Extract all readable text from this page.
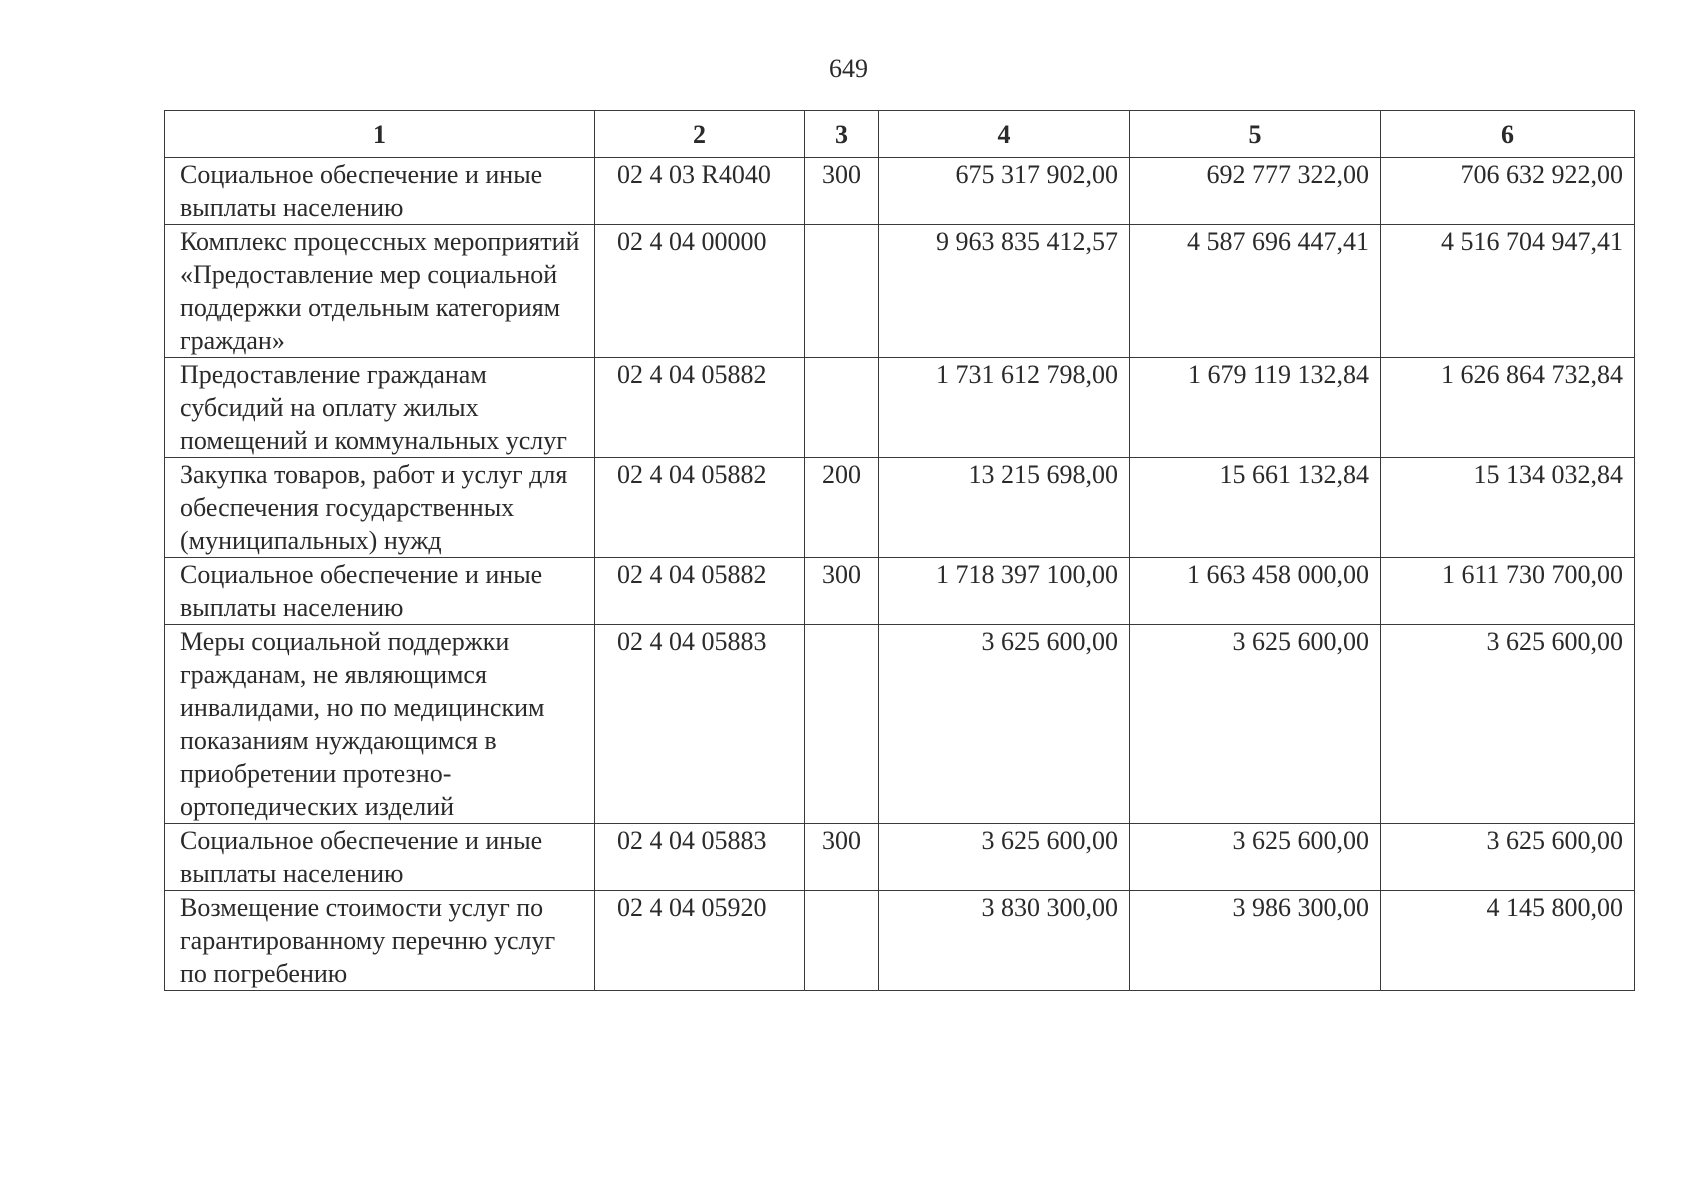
649
1	2	3	4	5	6
Социальное обеспечение и иные выплаты населению	02 4 03 R4040	300	675 317 902,00	692 777 322,00	706 632 922,00
Комплекс процессных мероприятий «Предоставление мер социальной поддержки отдельным категориям граждан»	02 4 04 00000		9 963 835 412,57	4 587 696 447,41	4 516 704 947,41
Предоставление гражданам субсидий на оплату жилых помещений и коммунальных услуг	02 4 04 05882		1 731 612 798,00	1 679 119 132,84	1 626 864 732,84
Закупка товаров, работ и услуг для обеспечения государственных (муниципальных) нужд	02 4 04 05882	200	13 215 698,00	15 661 132,84	15 134 032,84
Социальное обеспечение и иные выплаты населению	02 4 04 05882	300	1 718 397 100,00	1 663 458 000,00	1 611 730 700,00
Меры социальной поддержки гражданам, не являющимся инвалидами, но по медицинским показаниям нуждающимся в приобретении протезно-ортопедических изделий	02 4 04 05883		3 625 600,00	3 625 600,00	3 625 600,00
Социальное обеспечение и иные выплаты населению	02 4 04 05883	300	3 625 600,00	3 625 600,00	3 625 600,00
Возмещение стоимости услуг по гарантированному перечню услуг по погребению	02 4 04 05920		3 830 300,00	3 986 300,00	4 145 800,00
